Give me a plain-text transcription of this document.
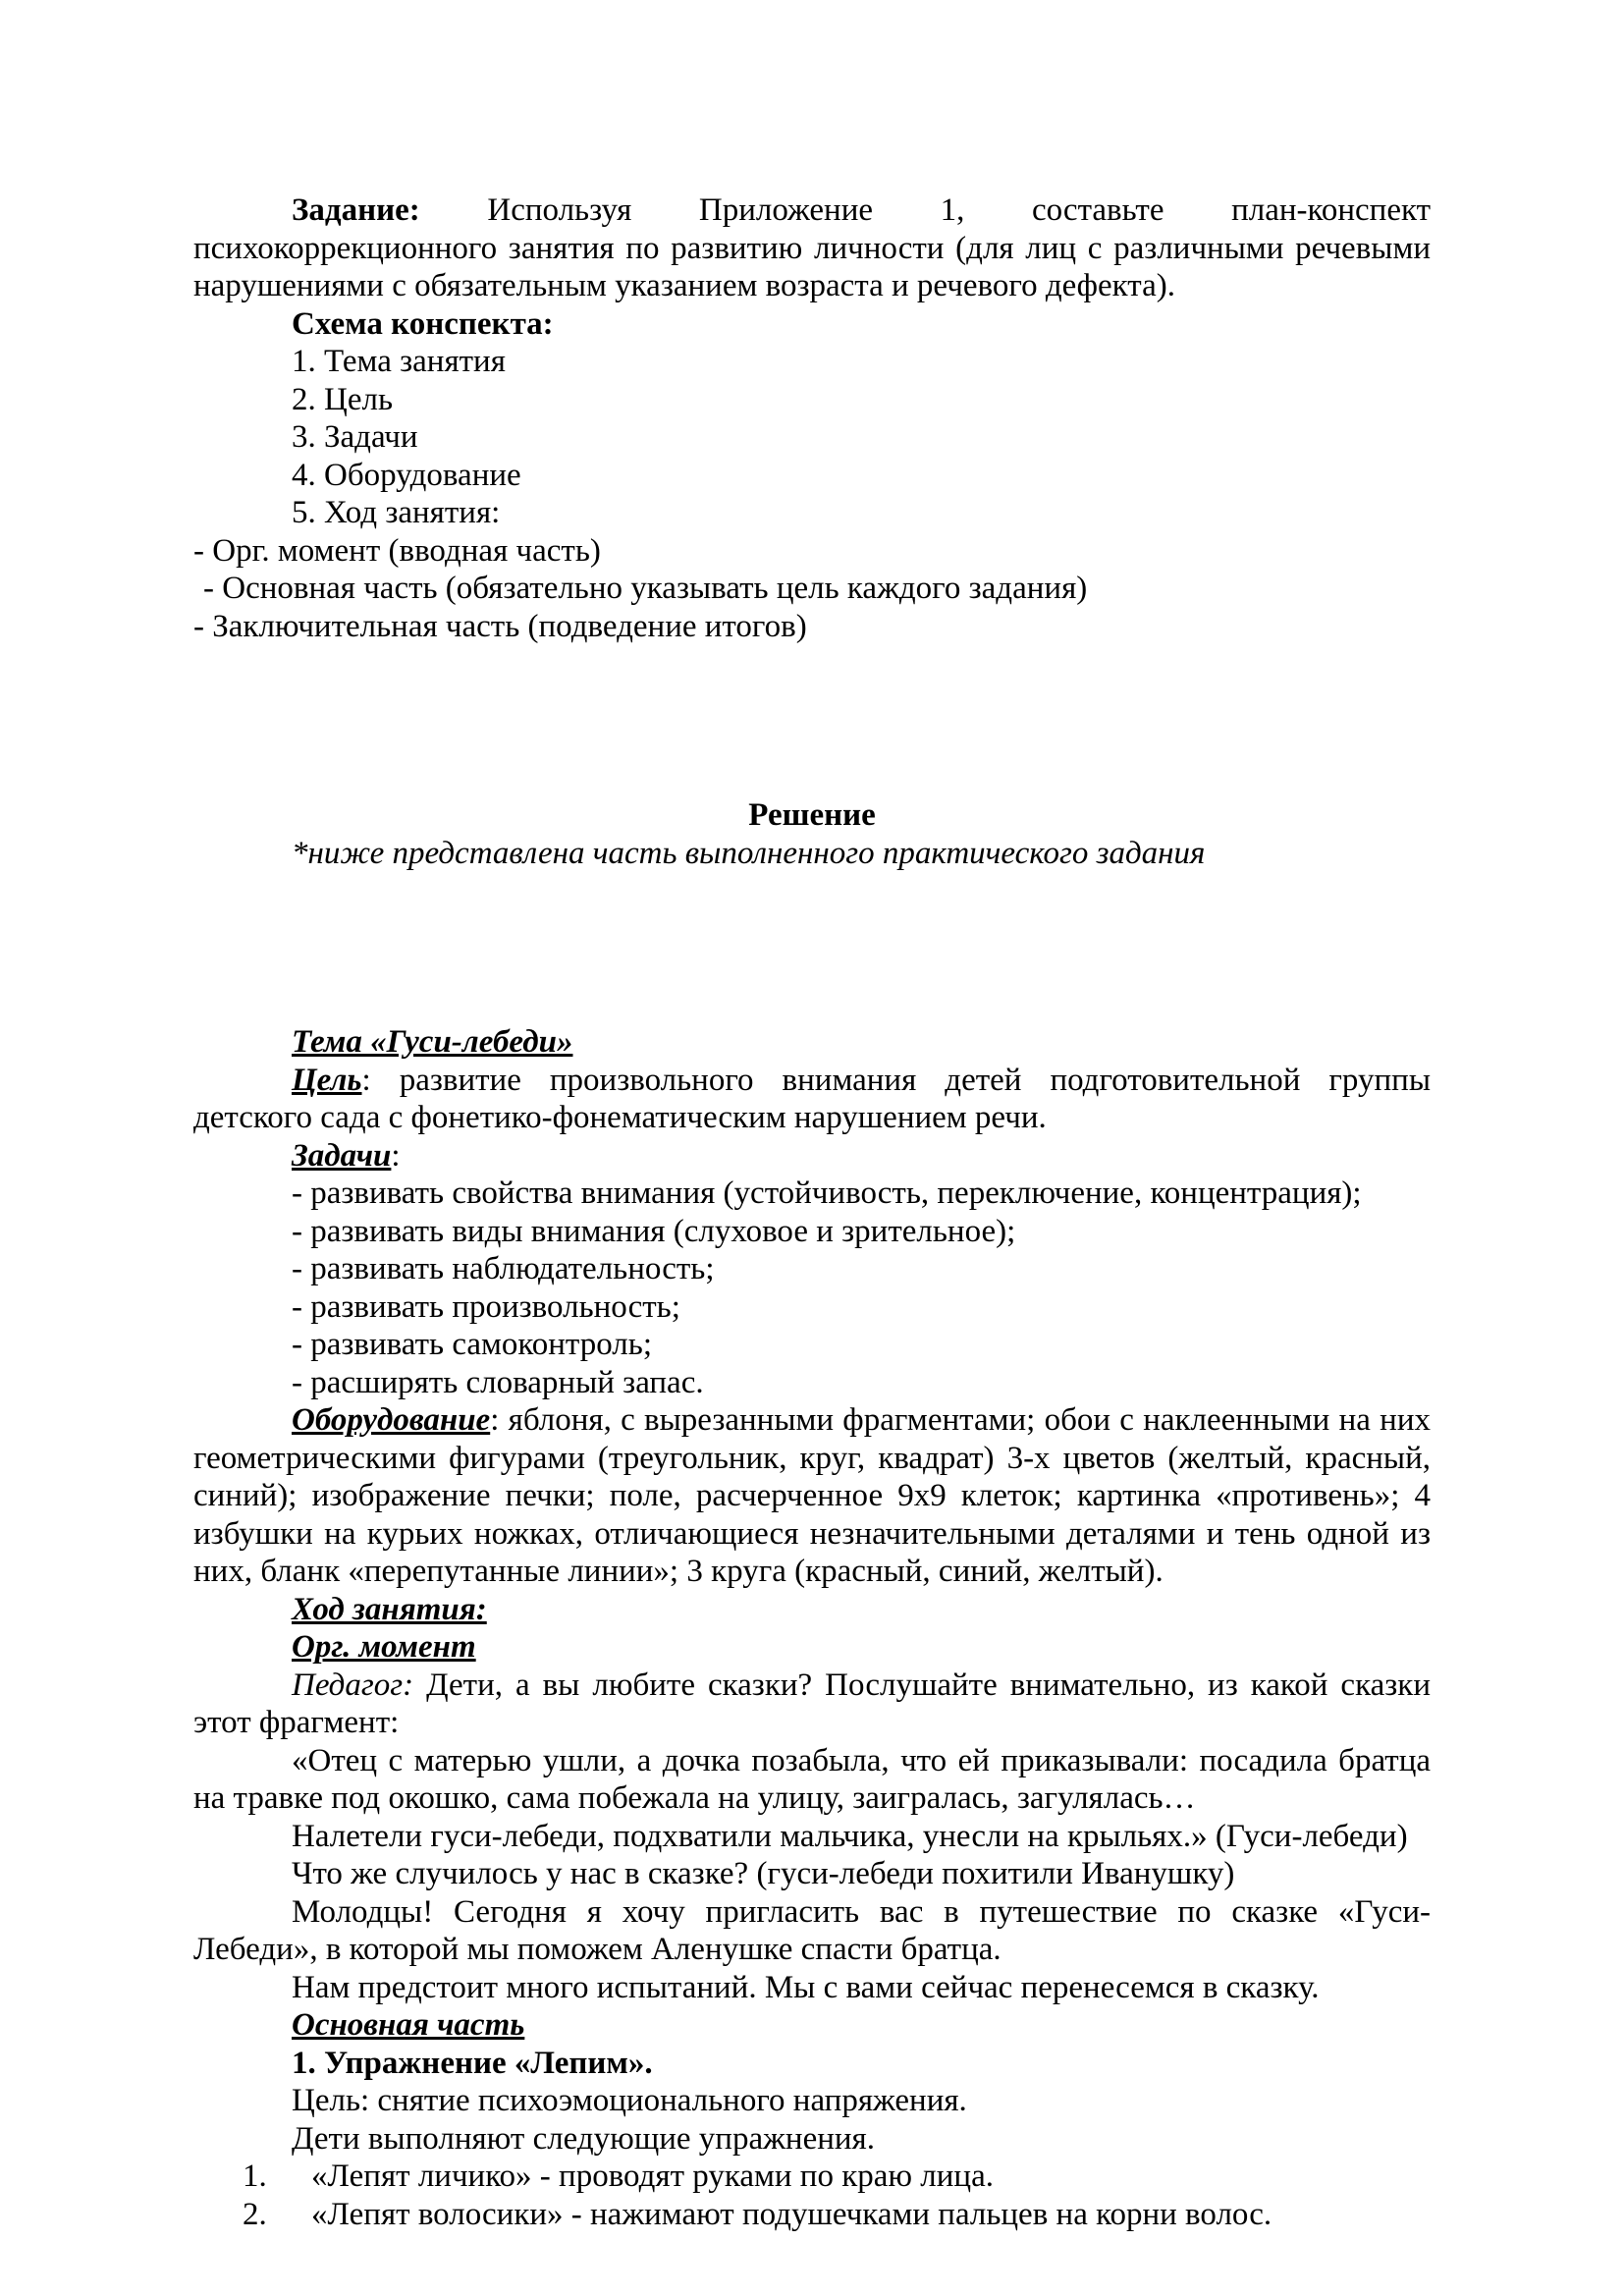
Задание: Используя Приложение 1, составьте план-конспект психокоррекционного занятия по развитию личности (для лиц с различными речевыми нарушениями с обязательным указанием возраста и речевого дефекта).

Схема конспекта:

1. Тема занятия

2. Цель

3. Задачи

4. Оборудование

5. Ход занятия:

- Орг. момент (вводная часть)

- Основная часть (обязательно указывать цель каждого задания)

- Заключительная часть (подведение итогов)

Решение

*ниже представлена часть выполненного практического задания

Тема «Гуси-лебеди»

Цель: развитие произвольного внимания детей подготовительной группы детского сада с фонетико-фонематическим нарушением речи.

Задачи:

- развивать свойства внимания (устойчивость, переключение, концентрация);

- развивать виды внимания (слуховое и зрительное);

- развивать наблюдательность;

- развивать произвольность;

- развивать самоконтроль;

- расширять словарный запас.

Оборудование: яблоня, с вырезанными фрагментами; обои с наклеенными на них геометрическими фигурами (треугольник, круг, квадрат) 3-х цветов (желтый, красный, синий); изображение печки; поле, расчерченное 9х9 клеток; картинка «противень»; 4 избушки на курьих ножках, отличающиеся незначительными деталями и тень одной из них, бланк «перепутанные линии»; 3 круга (красный, синий, желтый).

Ход занятия:

Орг. момент

Педагог: Дети, а вы любите сказки? Послушайте внимательно, из какой сказки этот фрагмент:

«Отец с матерью ушли, а дочка позабыла, что ей приказывали: посадила братца на травке под окошко, сама побежала на улицу, заигралась, загулялась…

Налетели гуси-лебеди, подхватили мальчика, унесли на крыльях.» (Гуси-лебеди)

Что же случилось у нас в сказке? (гуси-лебеди похитили Иванушку)

Молодцы! Сегодня я хочу пригласить вас в путешествие по сказке «Гуси-Лебеди», в которой мы поможем Аленушке спасти братца.

Нам предстоит много испытаний. Мы с вами сейчас перенесемся в сказку.

Основная часть

1. Упражнение «Лепим».

Цель: снятие психоэмоционального напряжения.

Дети выполняют следующие упражнения.

1.	«Лепят личико» - проводят руками по краю лица.
2.	«Лепят волосики» - нажимают подушечками пальцев на корни волос.
